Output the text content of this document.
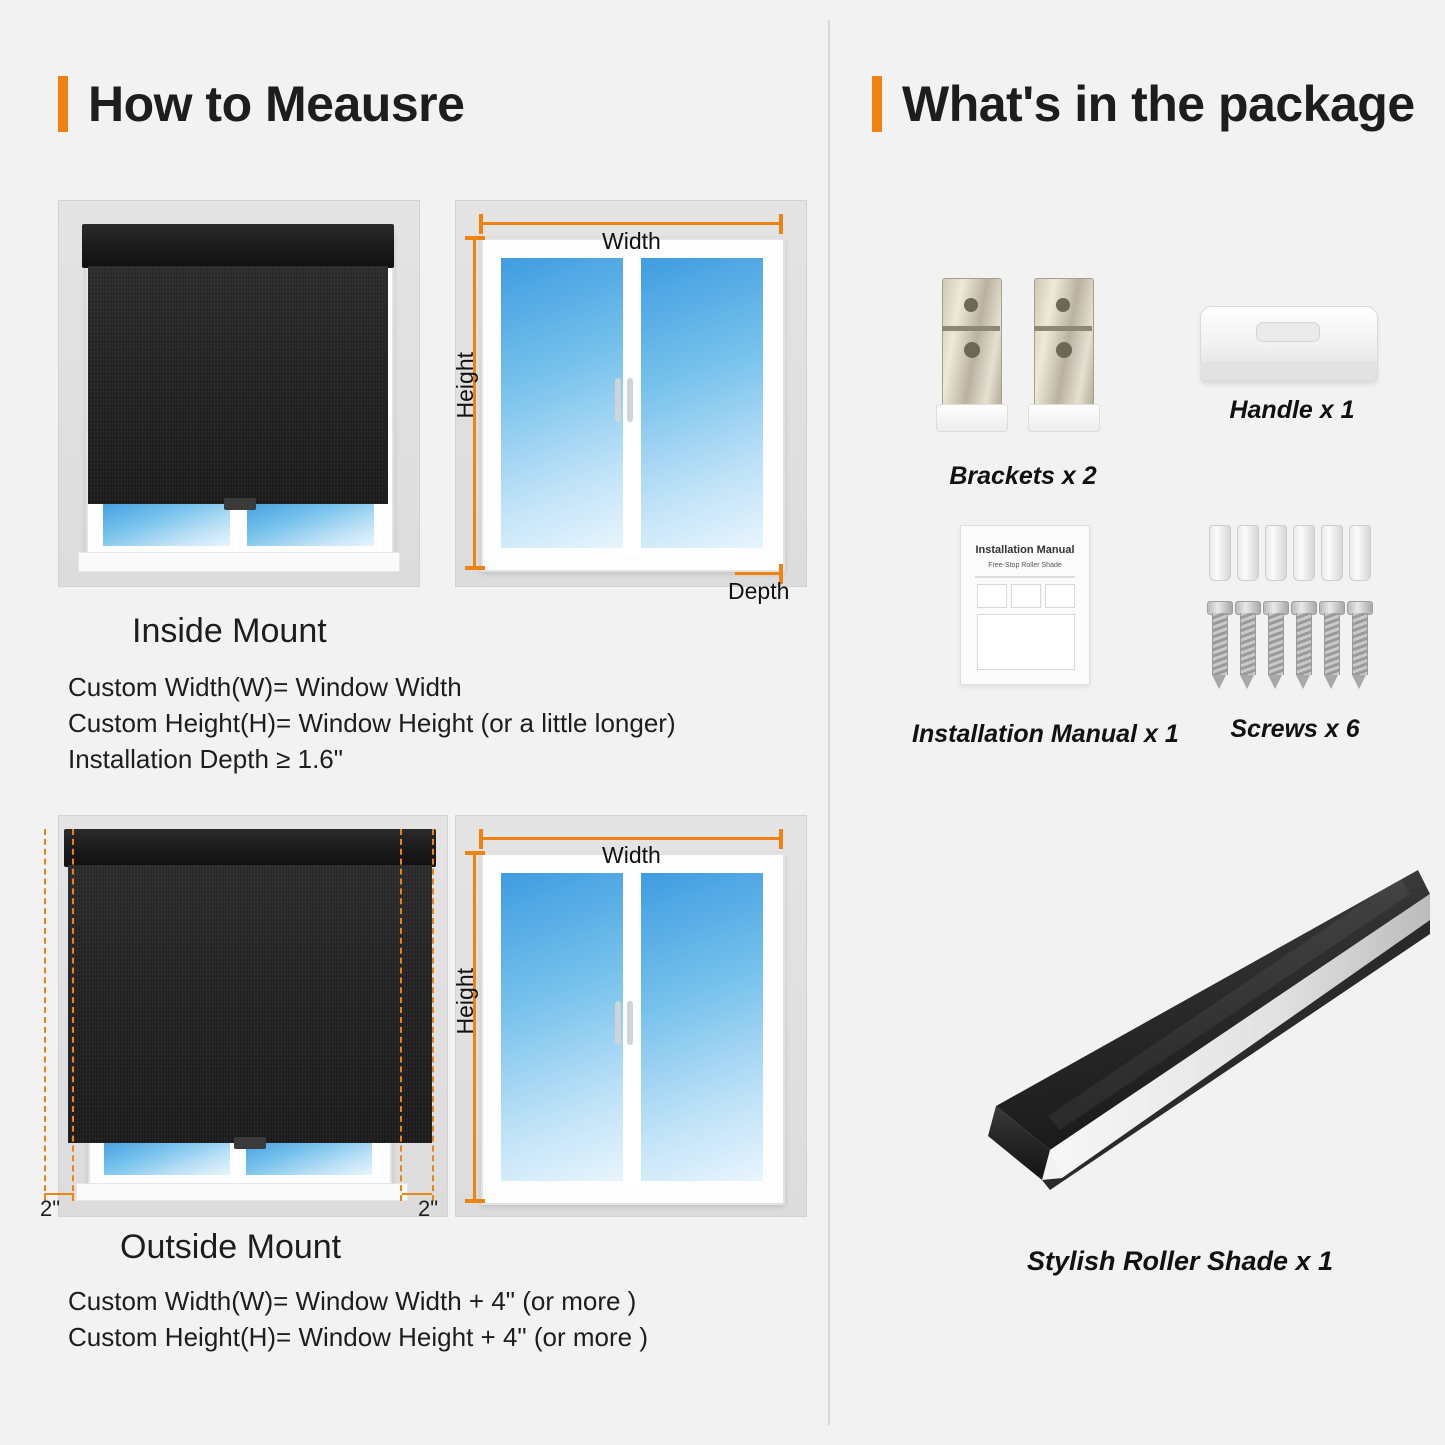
How to Meausre	What's in the package
Width
Height
Depth
Inside Mount
Custom Width(W)= Window Width
Custom Height(H)= Window Height (or a little longer)
Installation Depth ≥ 1.6"
2"	2"
Width
Height
Outside Mount
Custom Width(W)= Window Width + 4" (or more )
Custom Height(H)= Window Height + 4" (or more )
Brackets x 2
Handle x 1
Installation Manual
Free-Stop Roller Shade
Installation Manual x 1	Screws x 6
Stylish Roller Shade x 1
